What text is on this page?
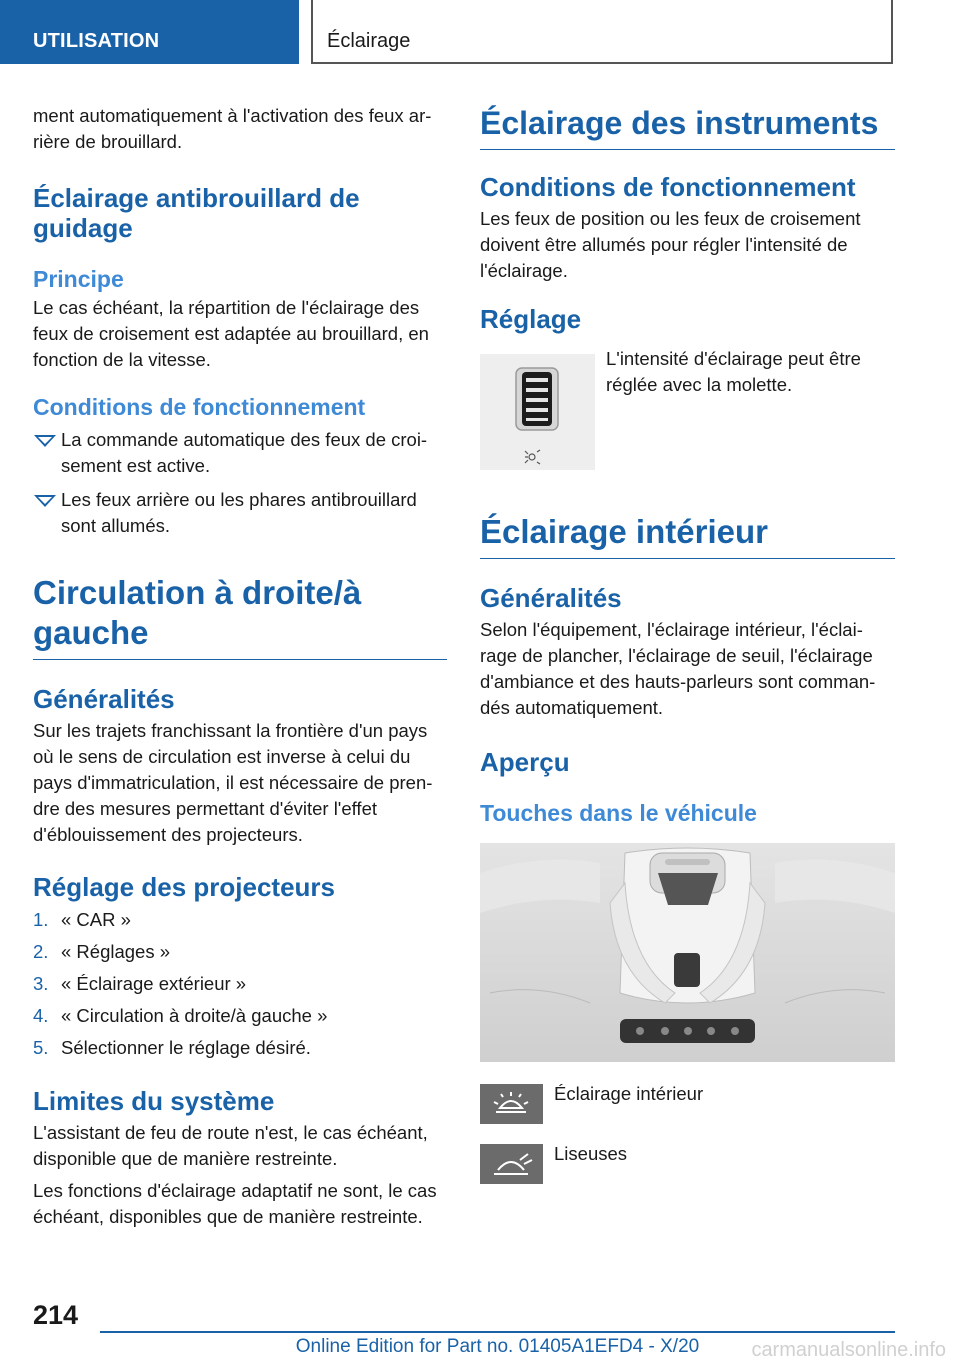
UTILISATION	Éclairage

ment automatiquement à l'activation des feux ar-rière de brouillard.

Éclairage antibrouillard de guidage
Principe

Le cas échéant, la répartition de l'éclairage des feux de croisement est adaptée au brouillard, en fonction de la vitesse.

Conditions de fonctionnement
La commande automatique des feux de croi-sement est active.
Les feux arrière ou les phares antibrouillard sont allumés.
Circulation à droite/à gauche
Généralités

Sur les trajets franchissant la frontière d'un pays où le sens de circulation est inverse à celui du pays d'immatriculation, il est nécessaire de pren-dre des mesures permettant d'éviter l'effet d'éblouissement des projecteurs.

Réglage des projecteurs
1. « CAR »
2. « Réglages »
3. « Éclairage extérieur »
4. « Circulation à droite/à gauche »
5. Sélectionner le réglage désiré.
Limites du système

L'assistant de feu de route n'est, le cas échéant, disponible que de manière restreinte.

Les fonctions d'éclairage adaptatif ne sont, le cas échéant, disponibles que de manière restreinte.

Éclairage des instruments
Conditions de fonctionnement

Les feux de position ou les feux de croisement doivent être allumés pour régler l'intensité de l'éclairage.

Réglage

L'intensité d'éclairage peut être réglée avec la molette.

Éclairage intérieur
Généralités

Selon l'équipement, l'éclairage intérieur, l'éclai-rage de plancher, l'éclairage de seuil, l'éclairage d'ambiance et des hauts-parleurs sont comman-dés automatiquement.

Aperçu
Touches dans le véhicule
Éclairage intérieur
Liseuses
214
Online Edition for Part no. 01405A1EFD4 - X/20	carmanualsonline.info
